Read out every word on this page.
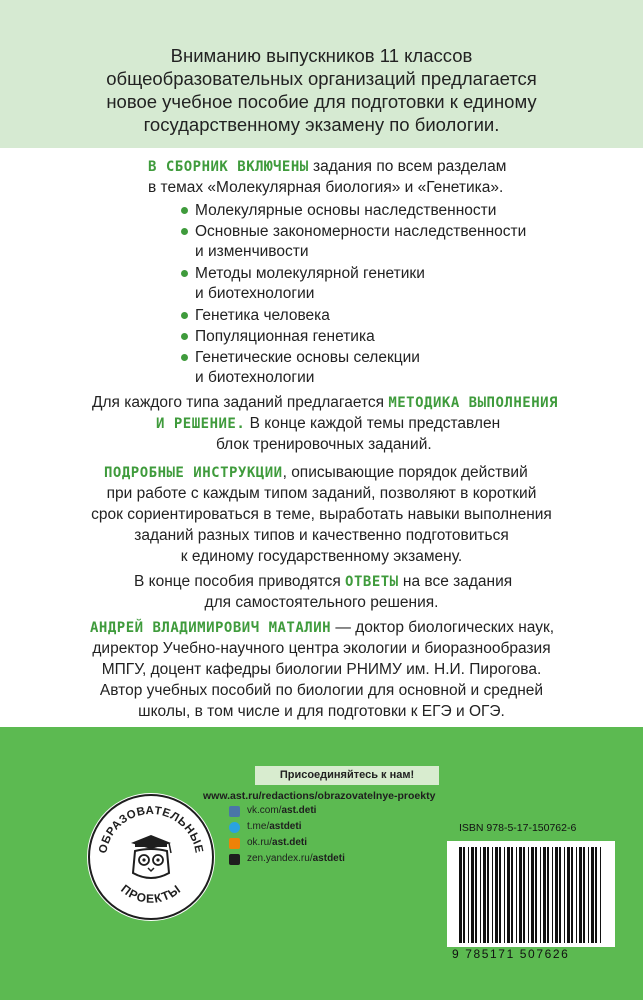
Вниманию выпускников 11 классов
общеобразовательных организаций предлагается
новое учебное пособие для подготовки к единому
государственному экзамену по биологии.
В СБОРНИК ВКЛЮЧЕНЫ задания по всем разделам
в темах «Молекулярная биология» и «Генетика».
Молекулярные основы наследственности
Основные закономерности наследственности
и изменчивости
Методы молекулярной генетики
и биотехнологии
Генетика человека
Популяционная генетика
Генетические основы селекции
и биотехнологии
Для каждого типа заданий предлагается МЕТОДИКА ВЫПОЛНЕНИЯ
И РЕШЕНИЕ. В конце каждой темы представлен
блок тренировочных заданий.
ПОДРОБНЫЕ ИНСТРУКЦИИ, описывающие порядок действий
при работе с каждым типом заданий, позволяют в короткий
срок сориентироваться в теме, выработать навыки выполнения
заданий разных типов и качественно подготовиться
к единому государственному экзамену.
В конце пособия приводятся ОТВЕТЫ на все задания
для самостоятельного решения.
АНДРЕЙ ВЛАДИМИРОВИЧ МАТАЛИН — доктор биологических наук,
директор Учебно-научного центра экологии и биоразнообразия
МПГУ, доцент кафедры биологии РНИМУ им. Н.И. Пирогова.
Автор учебных пособий по биологии для основной и средней
школы, в том числе и для подготовки к ЕГЭ и ОГЭ.
ОБРАЗОВАТЕЛЬНЫЕ
ПРОЕКТЫ
Присоединяйтесь к нам!
www.ast.ru/redactions/obrazovatelnye-proekty
vk.com/ast.deti
t.me/astdeti
ok.ru/ast.deti
zen.yandex.ru/astdeti
ISBN 978-5-17-150762-6
9 785171 507626
